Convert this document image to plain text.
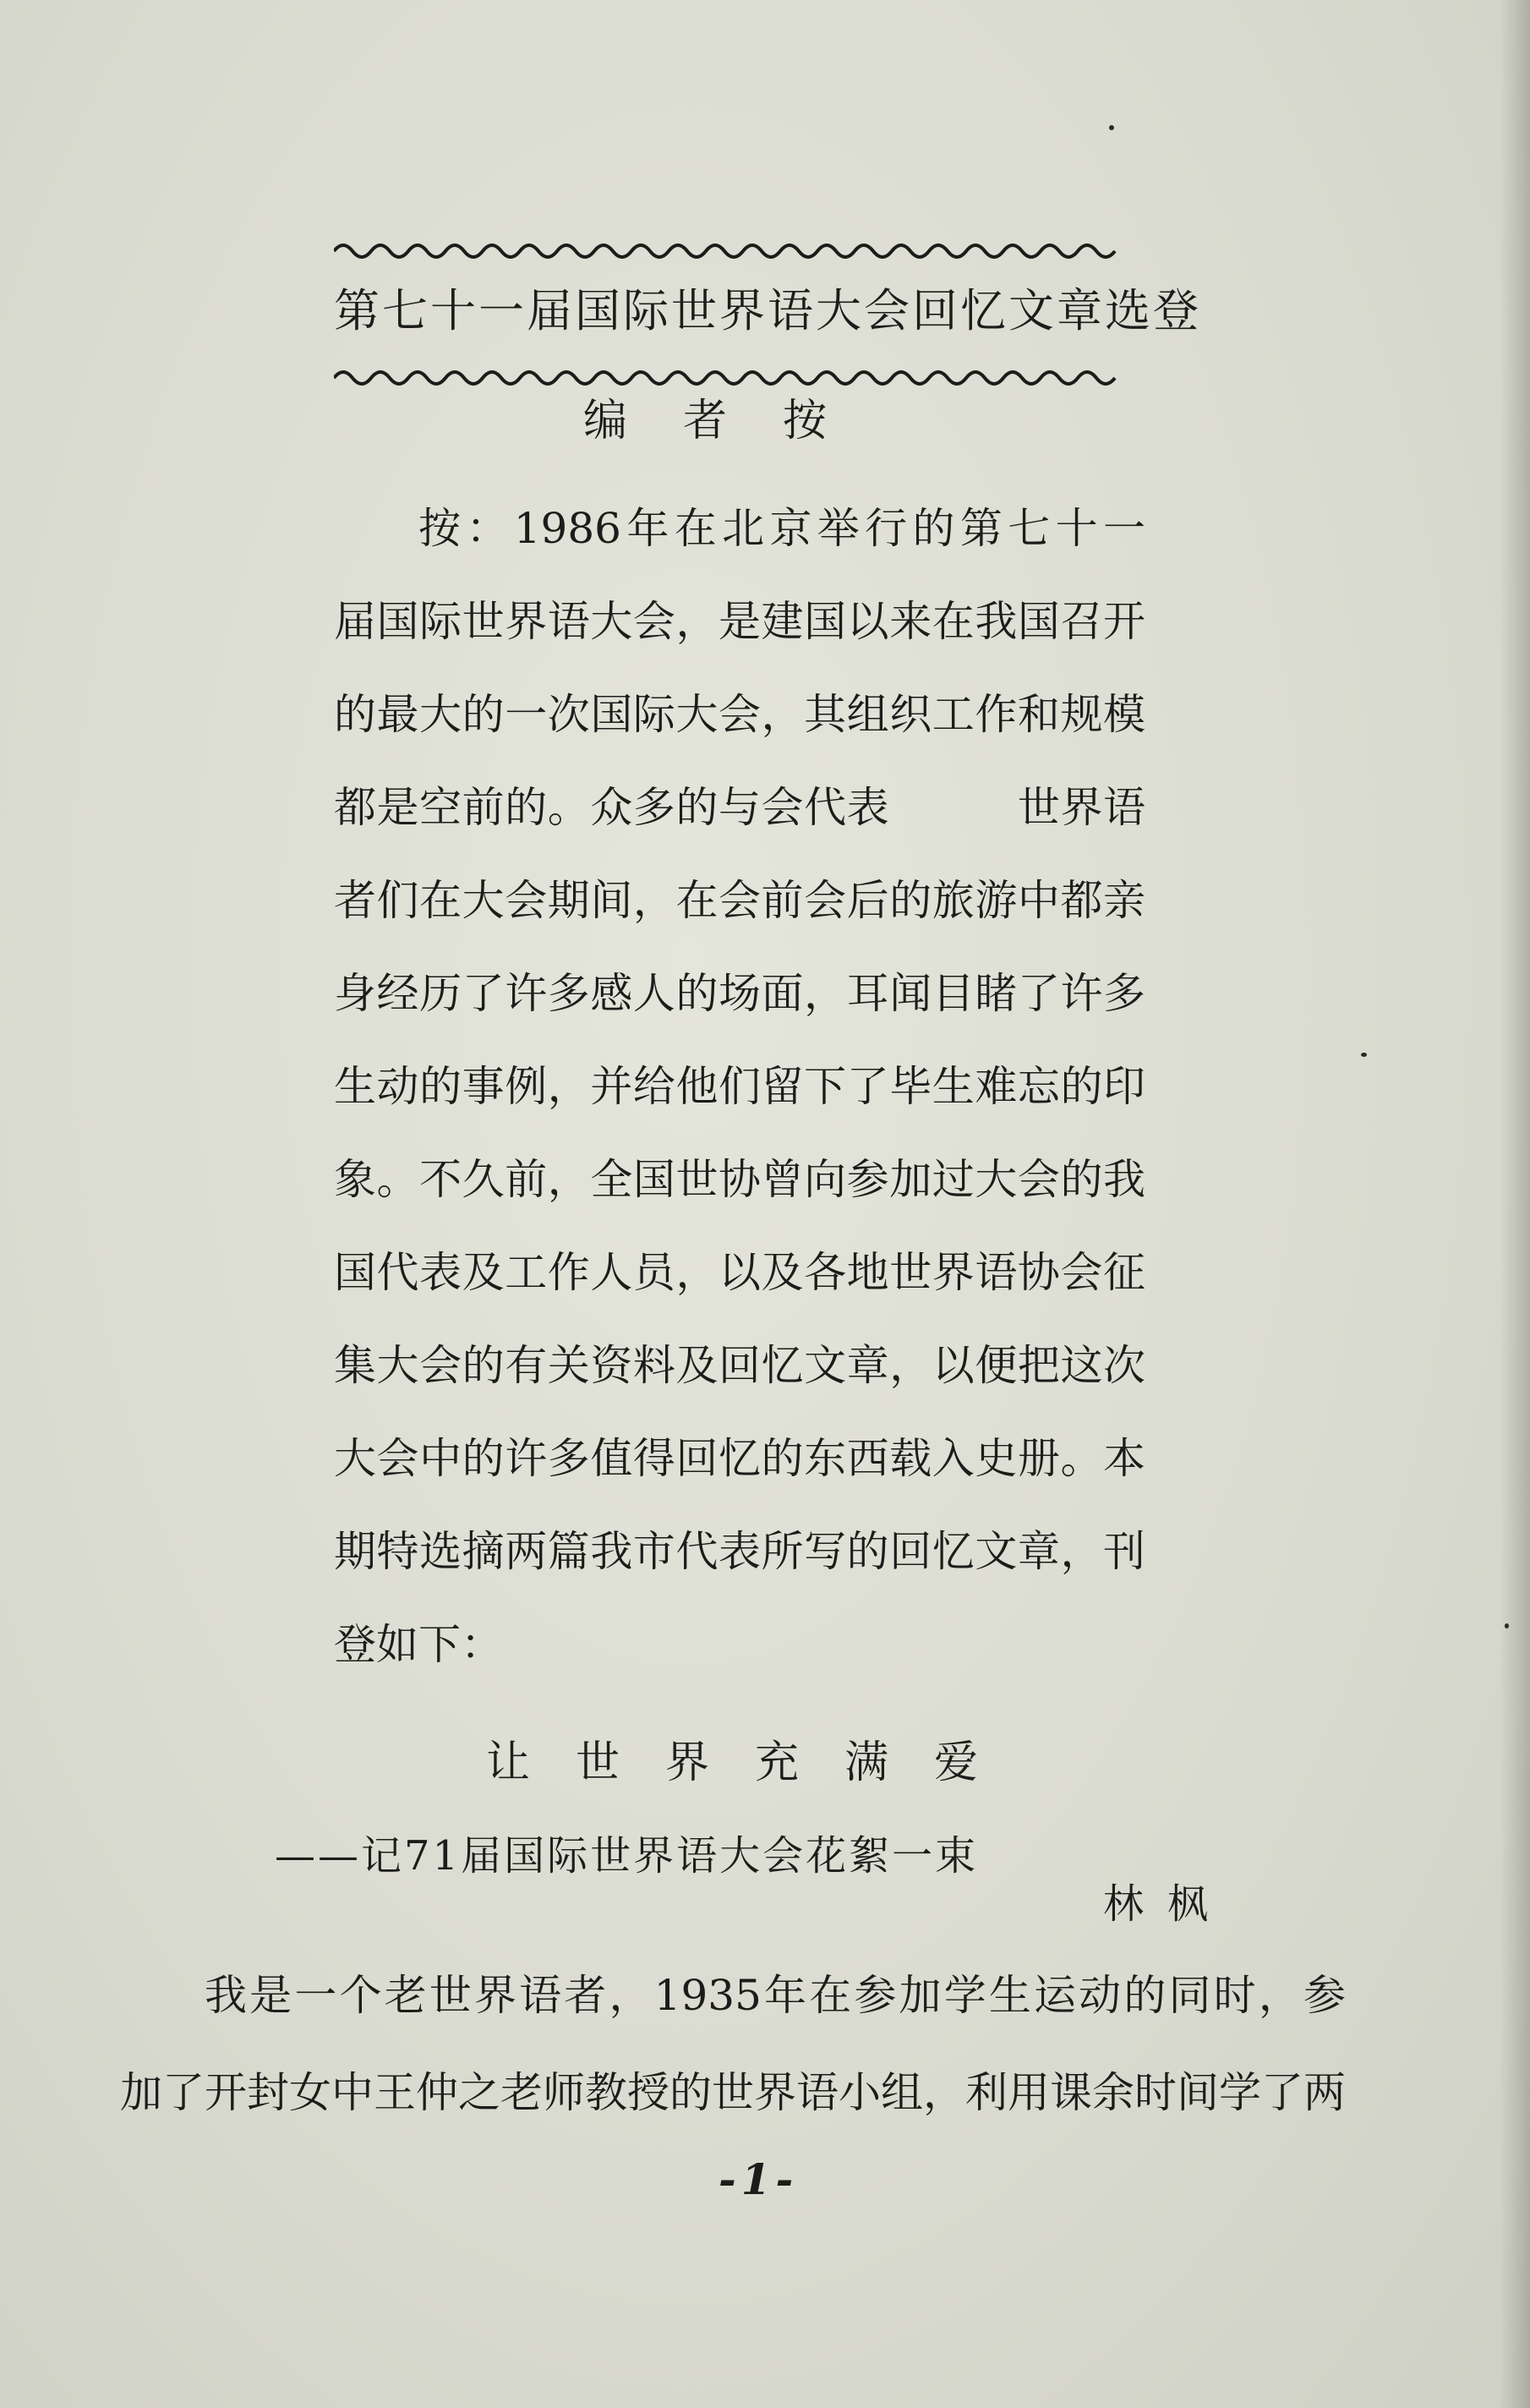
第七十一届国际世界语大会回忆文章选登
编者按
按：1986年在北京举行的第七十一
届国际世界语大会，是建国以来在我国召开
的最大的一次国际大会，其组织工作和规模
都是空前的。众多的与会代表　　　世界语
者们在大会期间，在会前会后的旅游中都亲
身经历了许多感人的场面，耳闻目睹了许多
生动的事例，并给他们留下了毕生难忘的印
象。不久前，全国世协曾向参加过大会的我
国代表及工作人员，以及各地世界语协会征
集大会的有关资料及回忆文章，以便把这次
大会中的许多值得回忆的东西载入史册。本
期特选摘两篇我市代表所写的回忆文章，刊
登如下：
让世界充满爱
——记71届国际世界语大会花絮一束
林枫
我是一个老世界语者，1935年在参加学生运动的同时，参
加了开封女中王仲之老师教授的世界语小组，利用课余时间学了两
-1-
